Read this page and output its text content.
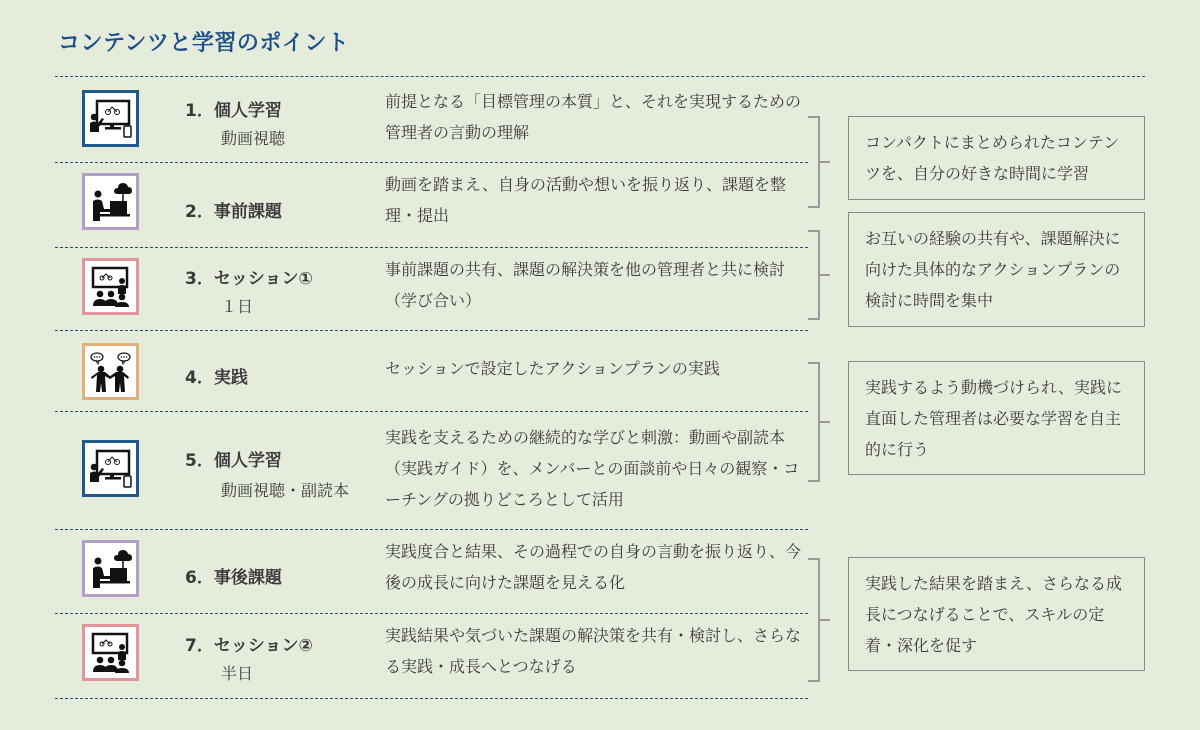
コンテンツと学習のポイント
1．個人学習
動画視聴
前提となる「目標管理の本質」と、それを実現するための管理者の言動の理解
2．事前課題
動画を踏まえ、自身の活動や想いを振り返り、課題を整理・提出
3．セッション①
１日
事前課題の共有、課題の解決策を他の管理者と共に検討（学び合い）
4．実践	セッションで設定したアクションプランの実践
5．個人学習
動画視聴・副読本
実践を支えるための継続的な学びと刺激：動画や副読本（実践ガイド）を、メンバーとの面談前や日々の観察・コーチングの拠りどころとして活用
6．事後課題
実践度合と結果、その過程での自身の言動を振り返り、今後の成長に向けた課題を見える化
7．セッション②
半日
実践結果や気づいた課題の解決策を共有・検討し、さらなる実践・成長へとつなげる
コンパクトにまとめられたコンテンツを、自分の好きな時間に学習
お互いの経験の共有や、課題解決に向けた具体的なアクションプランの検討に時間を集中
実践するよう動機づけられ、実践に直面した管理者は必要な学習を自主的に行う
実践した結果を踏まえ、さらなる成長につなげることで、スキルの定着・深化を促す
